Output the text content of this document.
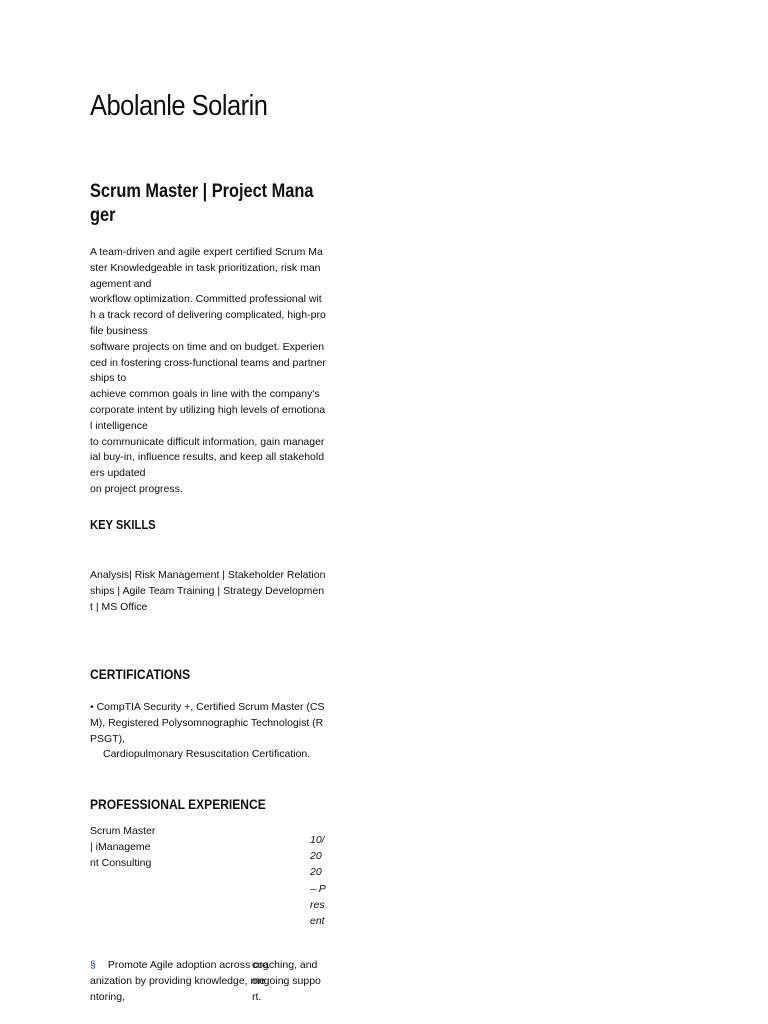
Abolanle Solarin
Scrum Master | Project Manager

A team-driven and agile expert certified Scrum Master Knowledgeable in task prioritization, risk management and

workflow optimization. Committed professional with a track record of delivering complicated, high-profile business

software projects on time and on budget. Experienced in fostering cross-functional teams and partnerships to

achieve common goals in line with the company's corporate intent by utilizing high levels of emotional intelligence

to communicate difficult information, gain managerial buy-in, influence results, and keep all stakeholders updated

on project progress.

KEY SKILLS
Analysis| Risk Management | Stakeholder Relationships | Agile Team Training | Strategy Development | MS Office
CERTIFICATIONS

• CompTIA Security +, Certified Scrum Master (CSM), Registered Polysomnographic Technologist (RPSGT),

Cardiopulmonary Resuscitation Certification.

PROFESSIONAL EXPERIENCE
Scrum Master | iManagement Consulting
10/2020 – Present
§ Promote Agile adoption across organization by providing knowledge, mentoring,
coaching, and ongoing support.
